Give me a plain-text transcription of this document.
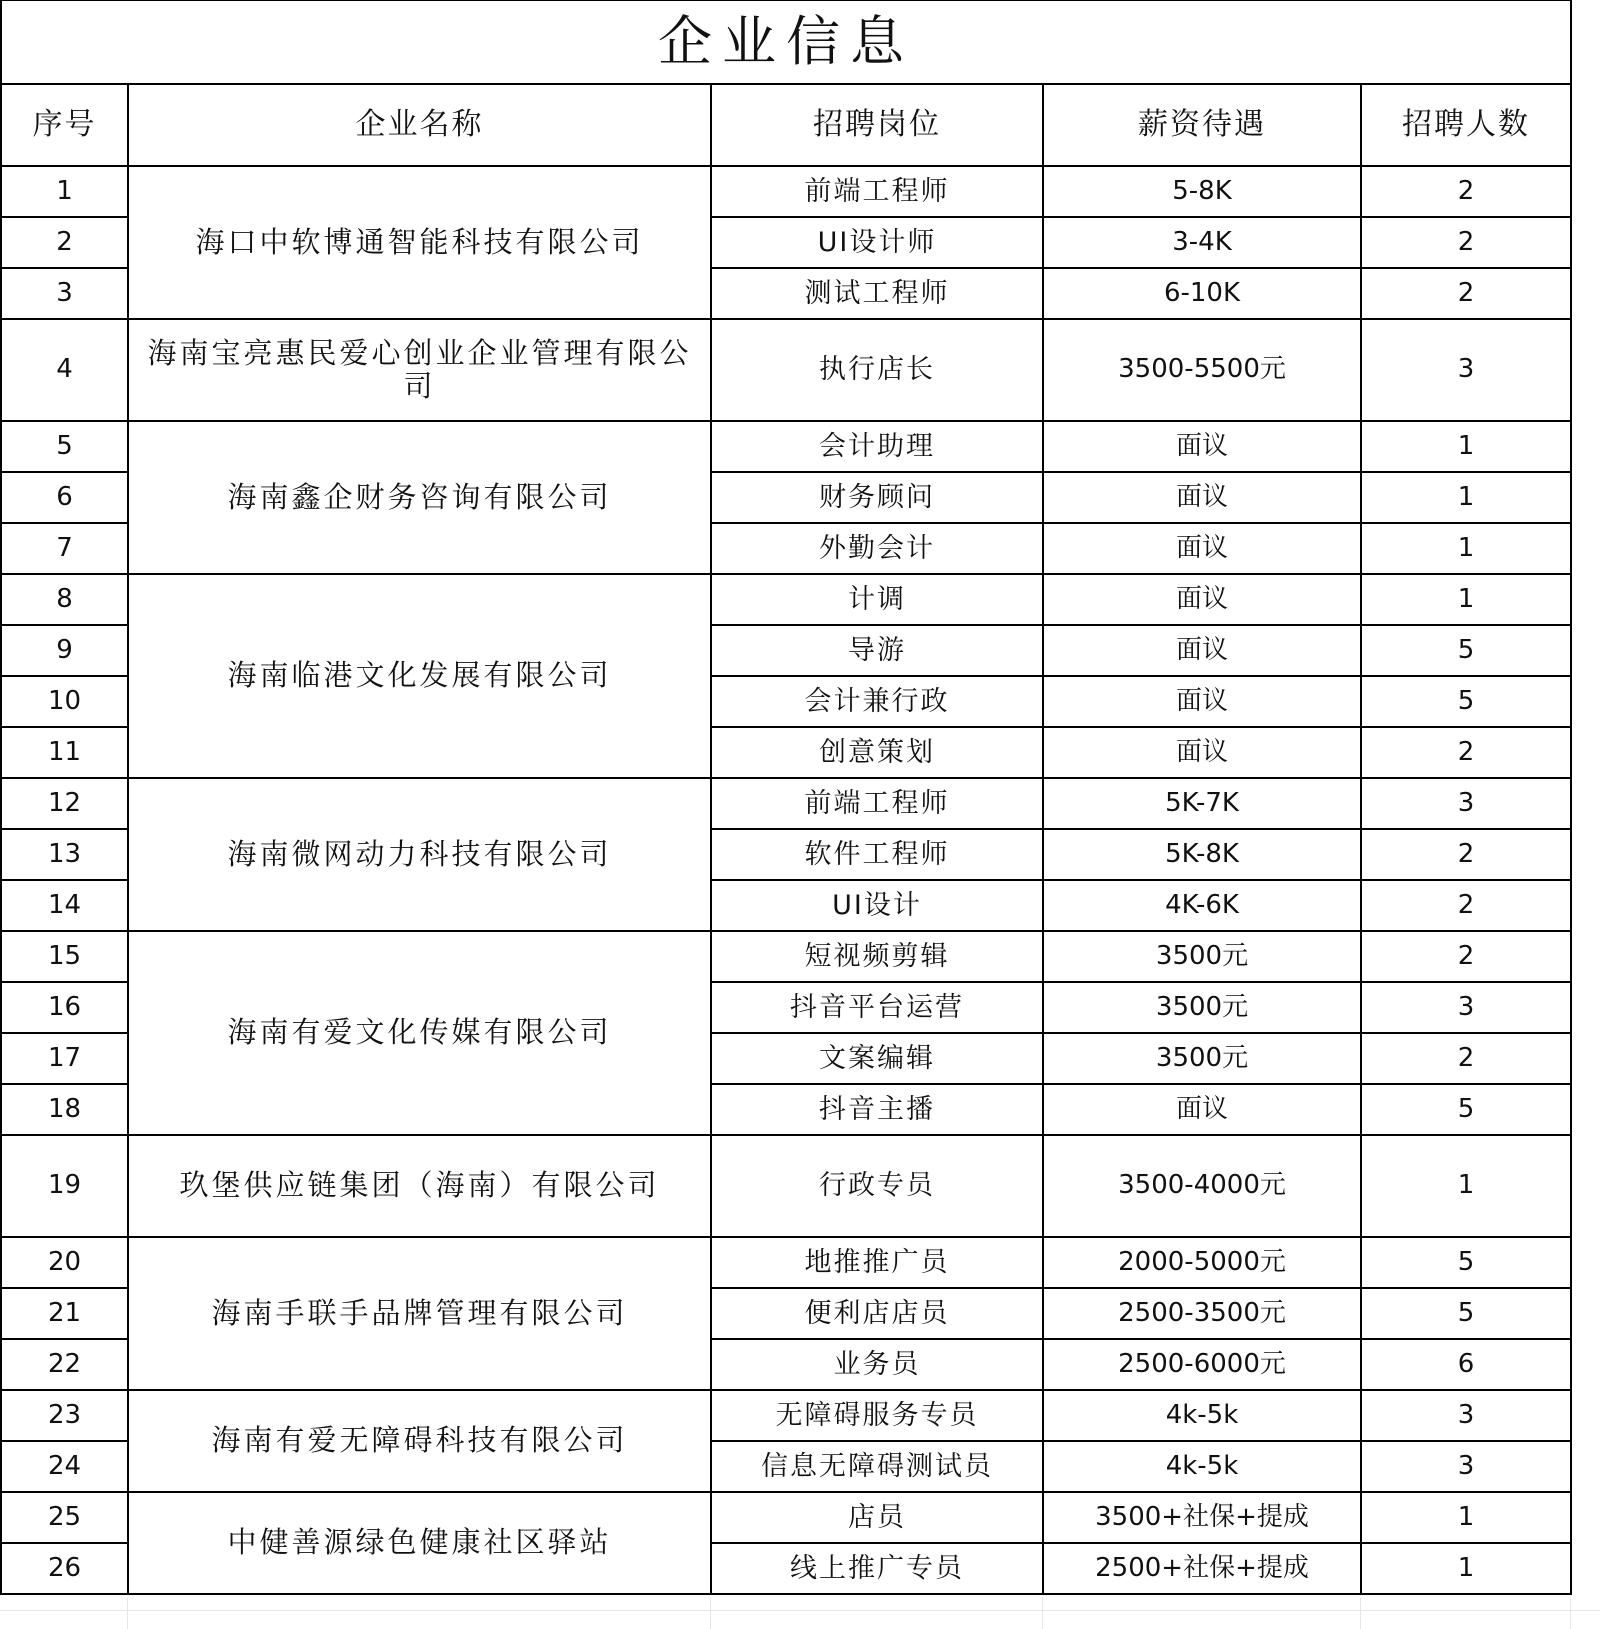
企业信息				
序号	企业名称	招聘岗位	薪资待遇	招聘人数
1	海口中软博通智能科技有限公司	前端工程师	5-8K	2
2		UI设计师	3-4K	2
3		测试工程师	6-10K	2
4	海南宝亮惠民爱心创业企业管理有限公司	执行店长	3500-5500元	3
5	海南鑫企财务咨询有限公司	会计助理	面议	1
6		财务顾问	面议	1
7		外勤会计	面议	1
8	海南临港文化发展有限公司	计调	面议	1
9		导游	面议	5
10		会计兼行政	面议	5
11		创意策划	面议	2
12	海南微网动力科技有限公司	前端工程师	5K-7K	3
13		软件工程师	5K-8K	2
14		UI设计	4K-6K	2
15	海南有爱文化传媒有限公司	短视频剪辑	3500元	2
16		抖音平台运营	3500元	3
17		文案编辑	3500元	2
18		抖音主播	面议	5
19	玖堡供应链集团（海南）有限公司	行政专员	3500-4000元	1
20	海南手联手品牌管理有限公司	地推推广员	2000-5000元	5
21		便利店店员	2500-3500元	5
22		业务员	2500-6000元	6
23	海南有爱无障碍科技有限公司	无障碍服务专员	4k-5k	3
24		信息无障碍测试员	4k-5k	3
25	中健善源绿色健康社区驿站	店员	3500+社保+提成	1
26		线上推广专员	2500+社保+提成	1
